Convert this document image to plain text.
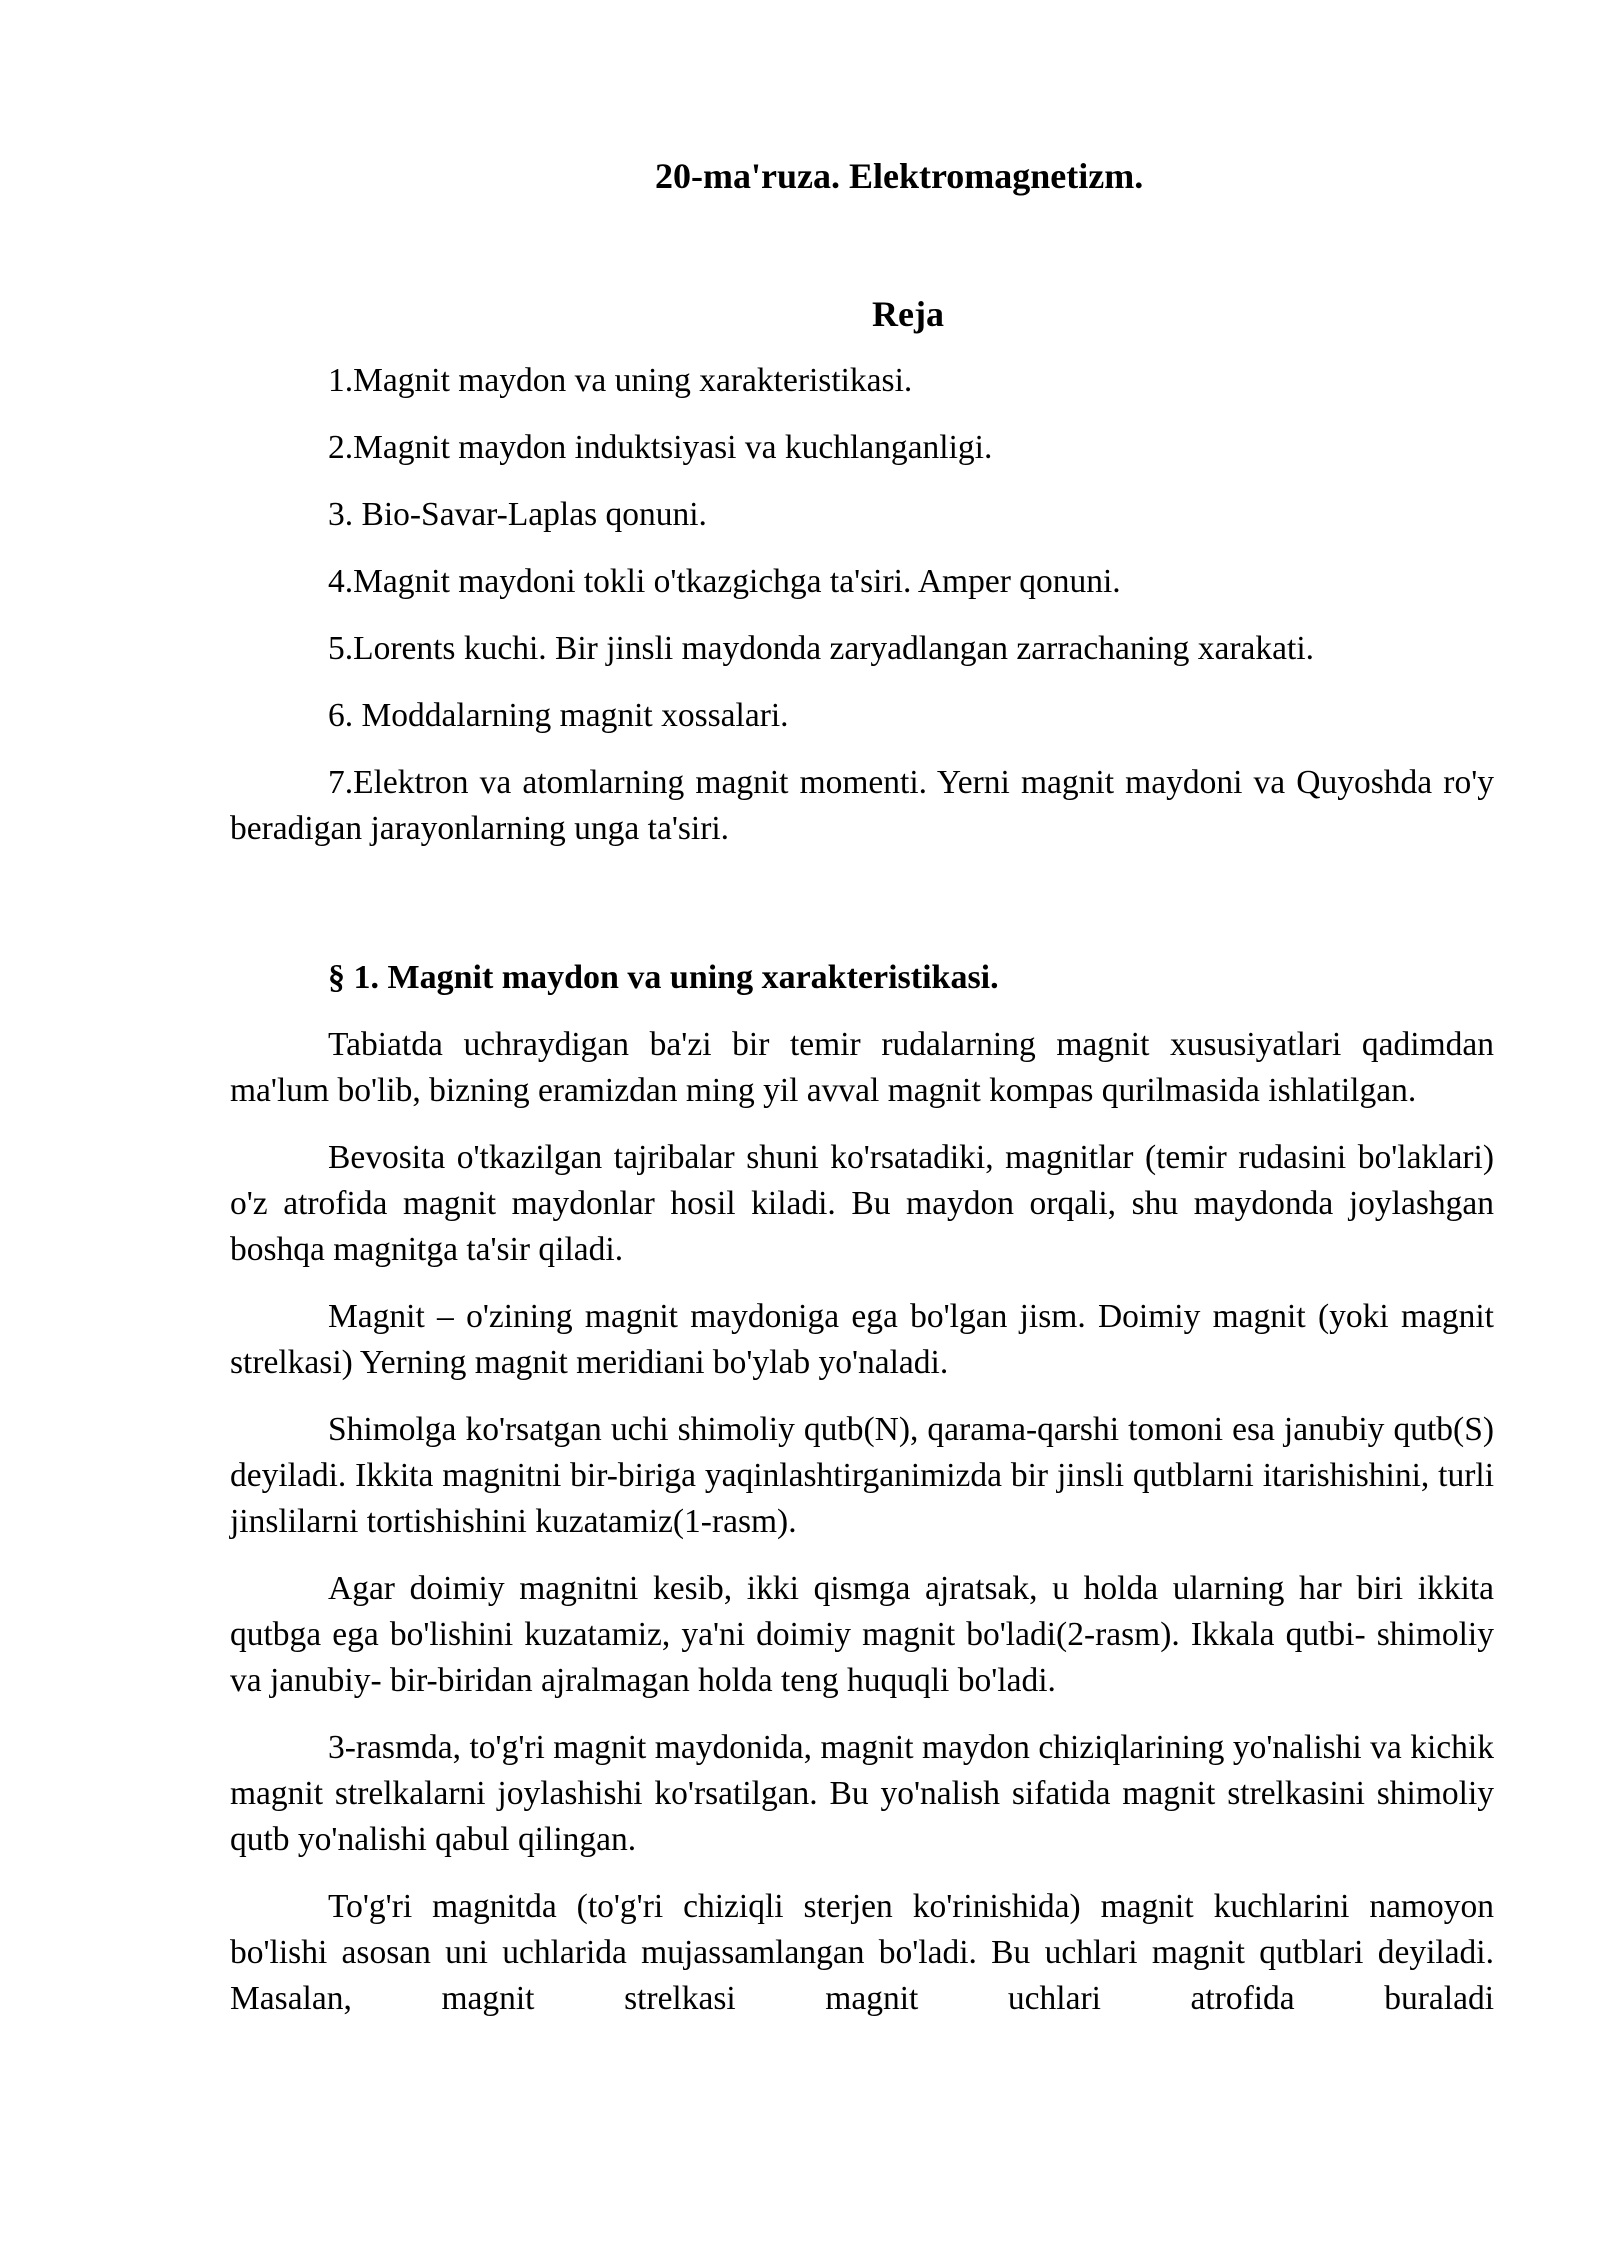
20-ma'ruza. Elektromagnetizm.
Reja
1.Magnit maydon va uning xarakteristikasi.
2.Magnit maydon induktsiyasi va kuchlanganligi.
3. Bio-Savar-Laplas qonuni.
4.Magnit maydoni tokli o'tkazgichga ta'siri. Amper qonuni.
5.Lorents kuchi. Bir jinsli maydonda zaryadlangan zarrachaning xarakati.
6. Moddalarning magnit xossalari.
7.Elektron va atomlarning magnit momenti. Yerni magnit maydoni va Quyoshda ro'y beradigan jarayonlarning unga ta'siri.
§ 1. Magnit maydon va uning xarakteristikasi.

Tabiatda uchraydigan ba'zi bir temir rudalarning magnit xususiyatlari qadimdan ma'lum bo'lib, bizning eramizdan ming yil avval magnit kompas qurilmasida ishlatilgan.

Bevosita o'tkazilgan tajribalar shuni ko'rsatadiki, magnitlar (temir rudasini bo'laklari) o'z atrofida magnit maydonlar hosil kiladi. Bu maydon orqali, shu maydonda joylashgan boshqa magnitga ta'sir qiladi.

Magnit – o'zining magnit maydoniga ega bo'lgan jism. Doimiy magnit (yoki magnit strelkasi) Yerning magnit meridiani bo'ylab yo'naladi.

Shimolga ko'rsatgan uchi shimoliy qutb(N), qarama-qarshi tomoni esa janubiy qutb(S) deyiladi. Ikkita magnitni bir-biriga yaqinlashtirganimizda bir jinsli qutblarni itarishishini, turli jinslilarni tortishishini kuzatamiz(1-rasm).

Agar doimiy magnitni kesib, ikki qismga ajratsak, u holda ularning har biri ikkita qutbga ega bo'lishini kuzatamiz, ya'ni doimiy magnit bo'ladi(2-rasm). Ikkala qutbi- shimoliy va janubiy- bir-biridan ajralmagan holda teng huquqli bo'ladi.

3-rasmda, to'g'ri magnit maydonida, magnit maydon chiziqlarining yo'nalishi va kichik magnit strelkalarni joylashishi ko'rsatilgan. Bu yo'nalish sifatida magnit strelkasini shimoliy qutb yo'nalishi qabul qilingan.

To'g'ri magnitda (to'g'ri chiziqli sterjen ko'rinishida) magnit kuchlarini namoyon bo'lishi asosan uni uchlarida mujassamlangan bo'ladi. Bu uchlari magnit qutblari deyiladi. Masalan, magnit strelkasi magnit uchlari atrofida buraladi
